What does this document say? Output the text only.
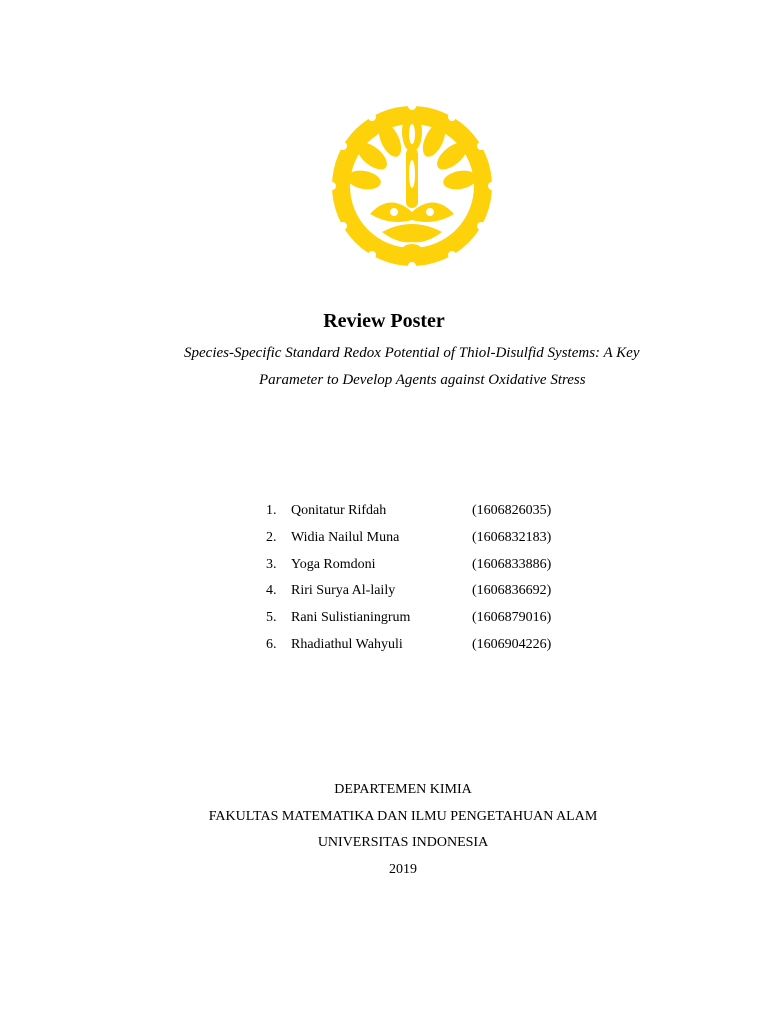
Review Poster
Species-Specific Standard Redox Potential of Thiol-Disulfid Systems: A Key
Parameter to Develop Agents against Oxidative Stress
1. Qonitatur Rifdah	(1606826035)
2. Widia Nailul Muna	(1606832183)
3. Yoga Romdoni	(1606833886)
4. Riri Surya Al-laily	(1606836692)
5. Rani Sulistianingrum	(1606879016)
6. Rhadiathul Wahyuli	(1606904226)
DEPARTEMEN KIMIA
FAKULTAS MATEMATIKA DAN ILMU PENGETAHUAN ALAM
UNIVERSITAS INDONESIA
2019
